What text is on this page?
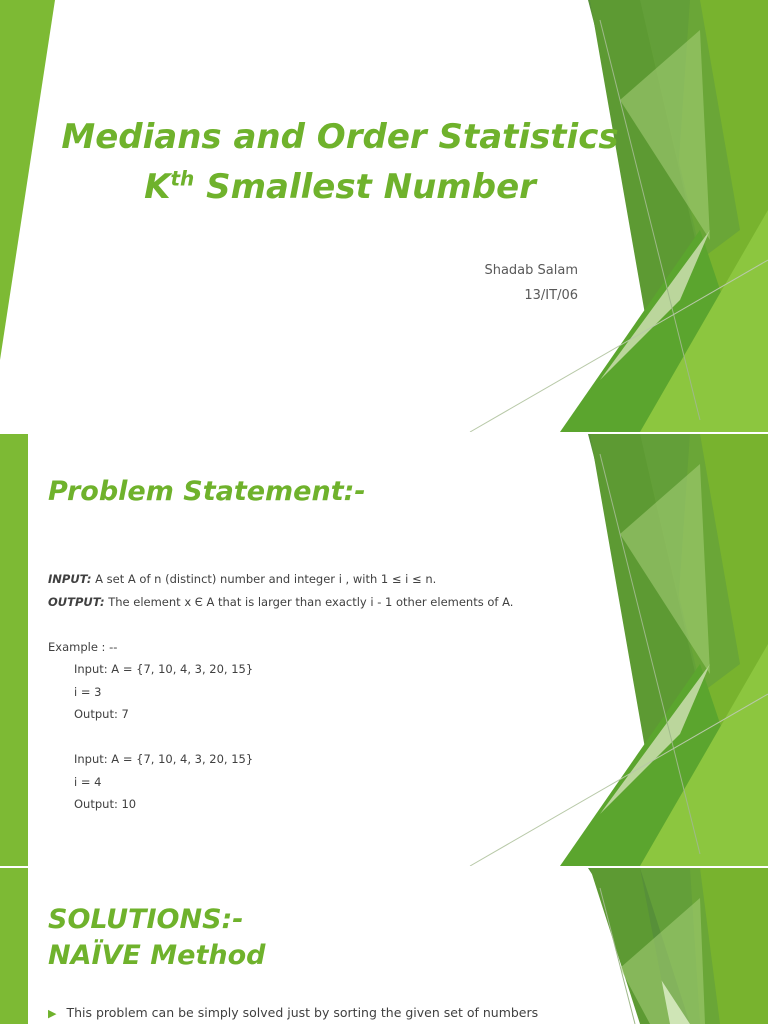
Medians and Order Statistics
$K^{th}$ Smallest Number
Shadab Salam
13/IT/06
Problem Statement:-
INPUT: A set A of n (distinct) number and integer i , with 1 ≤ i ≤ n.
OUTPUT: The element x Є A that is larger than exactly i - 1 other elements of A.
Example : --
Input: A = {7, 10, 4, 3, 20, 15}
i = 3
Output: 7
Input: A = {7, 10, 4, 3, 20, 15}
i = 4
Output: 10
SOLUTIONS:-
NAÏVE Method
▶ This problem can be simply solved just by sorting the given set of numbers
